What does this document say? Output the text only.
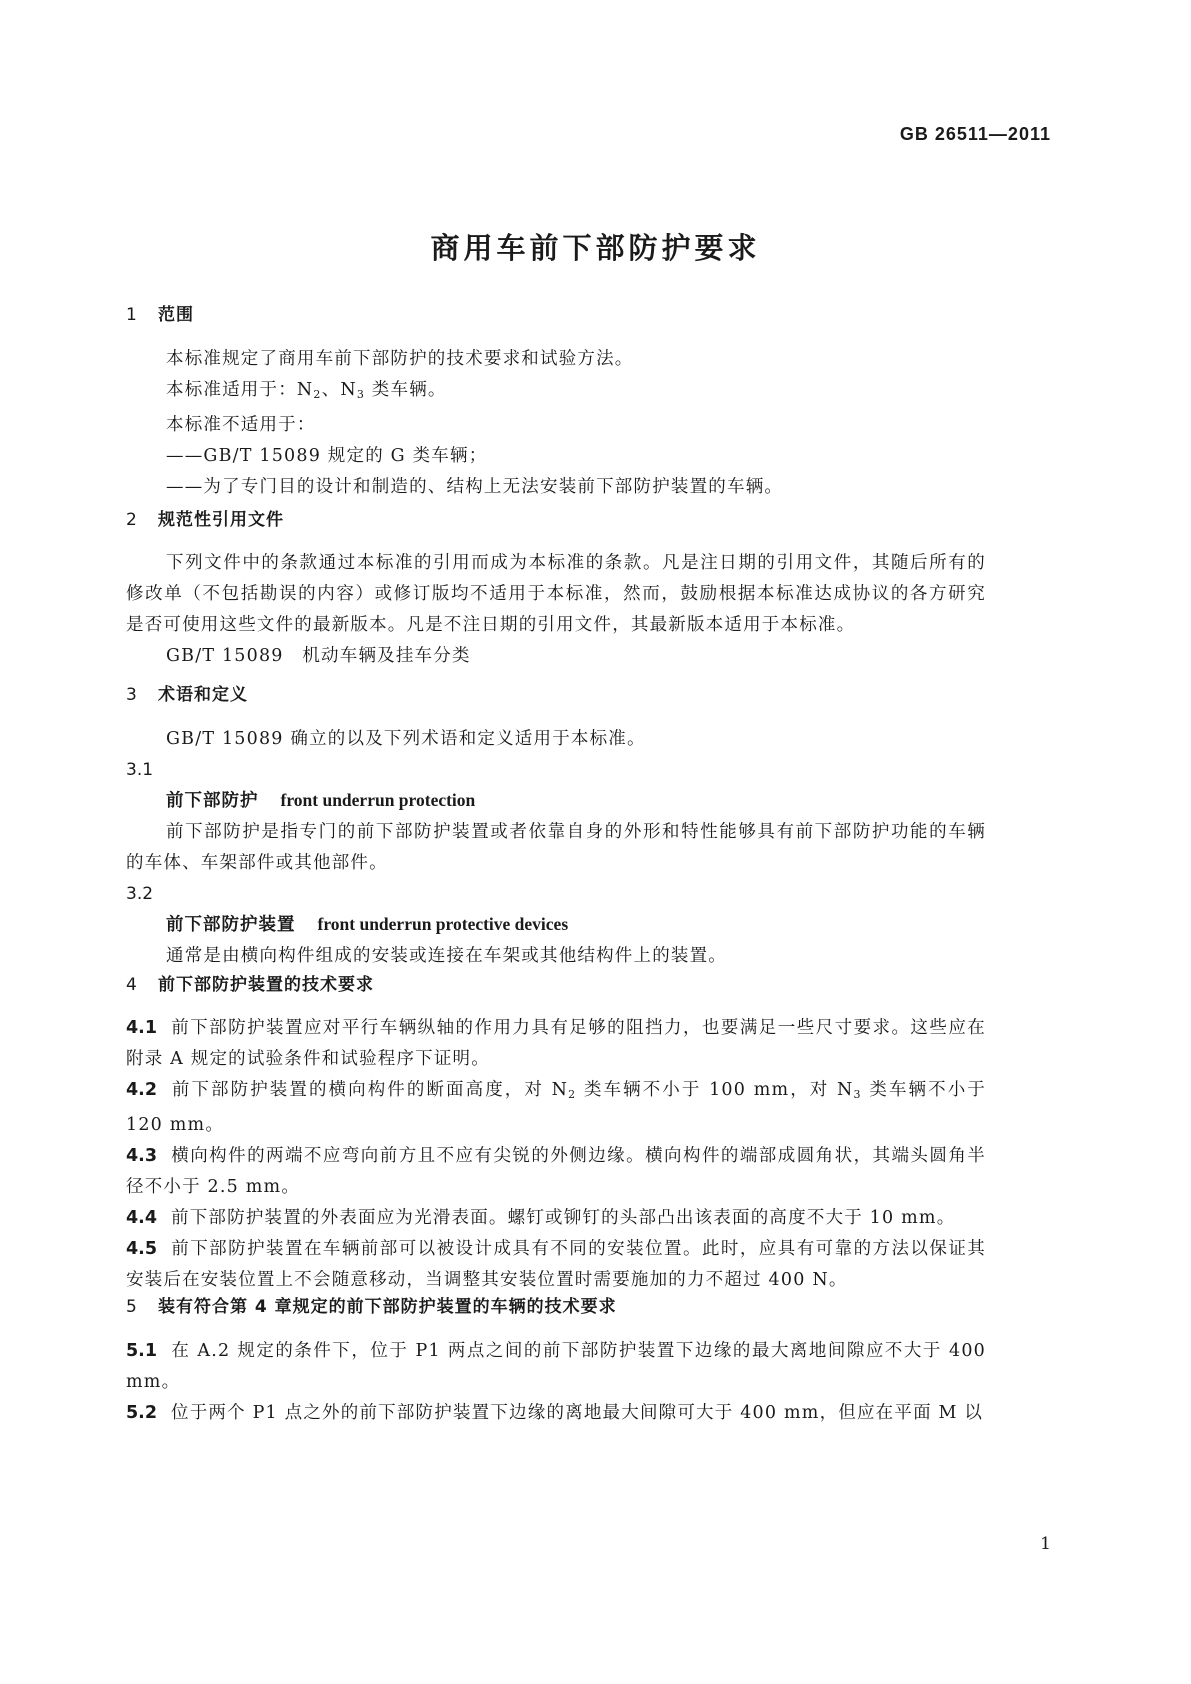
GB 26511—2011
商用车前下部防护要求
1 范围
本标准规定了商用车前下部防护的技术要求和试验方法。
本标准适用于：$N_2$、$N_3$ 类车辆。
本标准不适用于：
——GB/T 15089 规定的 G 类车辆；
——为了专门目的设计和制造的、结构上无法安装前下部防护装置的车辆。
2 规范性引用文件
下列文件中的条款通过本标准的引用而成为本标准的条款。凡是注日期的引用文件，其随后所有的修改单（不包括勘误的内容）或修订版均不适用于本标准，然而，鼓励根据本标准达成协议的各方研究是否可使用这些文件的最新版本。凡是不注日期的引用文件，其最新版本适用于本标准。
GB/T 15089　机动车辆及挂车分类
3 术语和定义
GB/T 15089 确立的以及下列术语和定义适用于本标准。
3.1
前下部防护 front underrun protection
前下部防护是指专门的前下部防护装置或者依靠自身的外形和特性能够具有前下部防护功能的车辆的车体、车架部件或其他部件。
3.2
前下部防护装置 front underrun protective devices
通常是由横向构件组成的安装或连接在车架或其他结构件上的装置。
4 前下部防护装置的技术要求
4.1 前下部防护装置应对平行车辆纵轴的作用力具有足够的阻挡力，也要满足一些尺寸要求。这些应在附录 A 规定的试验条件和试验程序下证明。
4.2 前下部防护装置的横向构件的断面高度，对 $N_2$ 类车辆不小于 100 mm，对 $N_3$ 类车辆不小于 120 mm。
4.3 横向构件的两端不应弯向前方且不应有尖锐的外侧边缘。横向构件的端部成圆角状，其端头圆角半径不小于 2.5 mm。
4.4 前下部防护装置的外表面应为光滑表面。螺钉或铆钉的头部凸出该表面的高度不大于 10 mm。
4.5 前下部防护装置在车辆前部可以被设计成具有不同的安装位置。此时，应具有可靠的方法以保证其安装后在安装位置上不会随意移动，当调整其安装位置时需要施加的力不超过 400 N。
5 装有符合第 4 章规定的前下部防护装置的车辆的技术要求
5.1 在 A.2 规定的条件下，位于 P1 两点之间的前下部防护装置下边缘的最大离地间隙应不大于 400 mm。
5.2 位于两个 P1 点之外的前下部防护装置下边缘的离地最大间隙可大于 400 mm，但应在平面 M 以
1
